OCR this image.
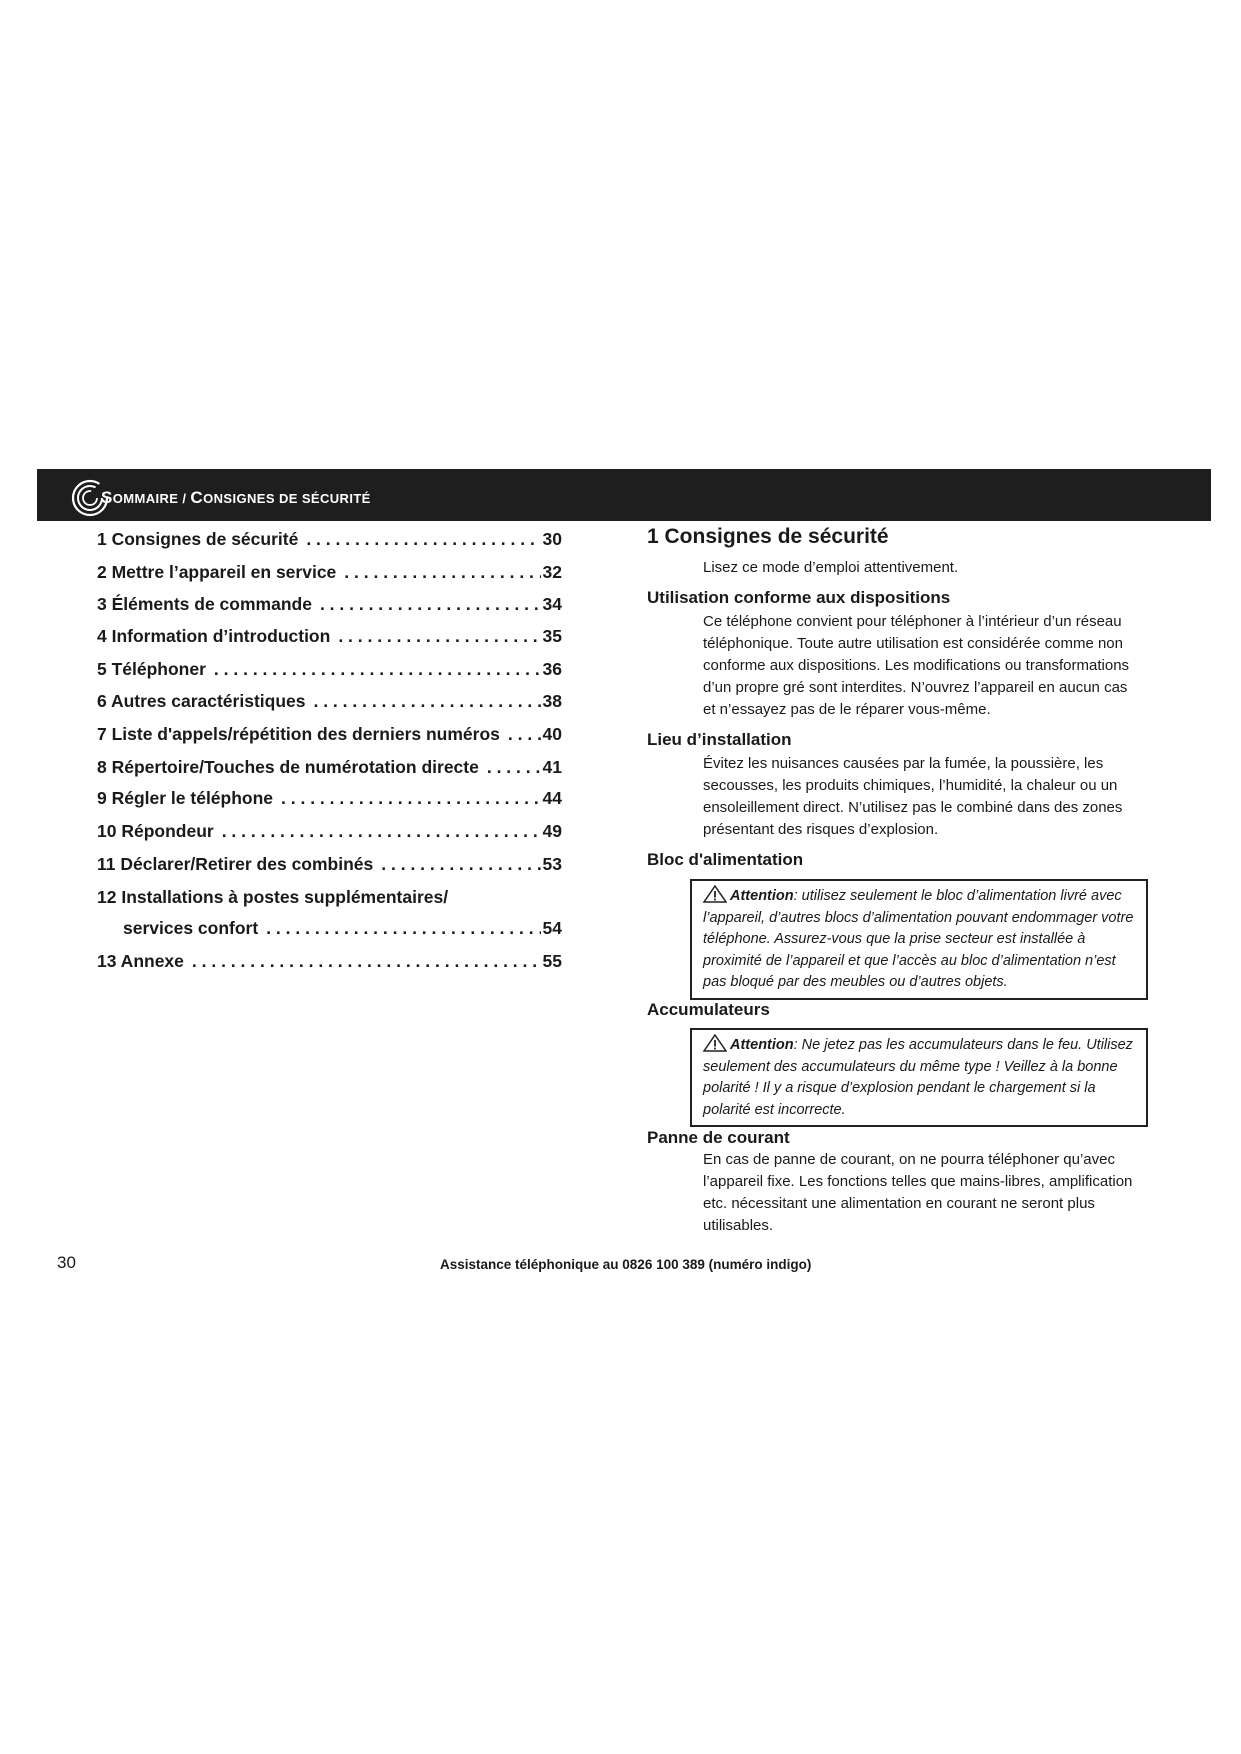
SOMMAIRE / CONSIGNES DE SÉCURITÉ
1 Consignes de sécurité . . .	30
2 Mettre l’appareil en service . . .	32
3 Éléments de commande . . .	34
4 Information d’introduction . . .	35
5 Téléphoner . . .	36
6 Autres caractéristiques . . .	38
7 Liste d'appels/répétition des derniers numéros . . . 40
8 Répertoire/Touches de numérotation directe . . .	41
9 Régler le téléphone . . .	44
10 Répondeur . . .	49
11 Déclarer/Retirer des combinés . . .	53
12 Installations à postes supplémentaires/
services confort . . .	54
13 Annexe . . .	55
1 Consignes de sécurité
Lisez ce mode d’emploi attentivement.
Utilisation conforme aux dispositions
Ce téléphone convient pour téléphoner à l’intérieur d’un réseau téléphonique. Toute autre utilisation est considérée comme non conforme aux dispositions. Les modifications ou transformations d’un propre gré sont interdites. N’ouvrez l’appareil en aucun cas et n’essayez pas de le réparer vous-même.
Lieu d’installation
Évitez les nuisances causées par la fumée, la poussière, les secousses, les produits chimiques, l’humidité, la chaleur ou un ensoleillement direct. N’utilisez pas le combiné dans des zones présentant des risques d’explosion.
Bloc d'alimentation
Attention: utilisez seulement le bloc d’alimentation livré avec l’appareil, d’autres blocs d’alimentation pouvant endommager votre téléphone. Assurez-vous que la prise secteur est installée à proximité de l’appareil et que l’accès au bloc d’alimentation n’est pas bloqué par des meubles ou d’autres objets.
Accumulateurs
Attention: Ne jetez pas les accumulateurs dans le feu. Utilisez seulement des accumulateurs du même type ! Veillez à la bonne polarité ! Il y a risque d’explosion pendant le chargement si la polarité est incorrecte.
Panne de courant
En cas de panne de courant, on ne pourra téléphoner qu’avec l’appareil fixe. Les fonctions telles que mains-libres, amplification etc. nécessitant une alimentation en courant ne seront plus utilisables.
30	Assistance téléphonique au 0826 100 389 (numéro indigo)
